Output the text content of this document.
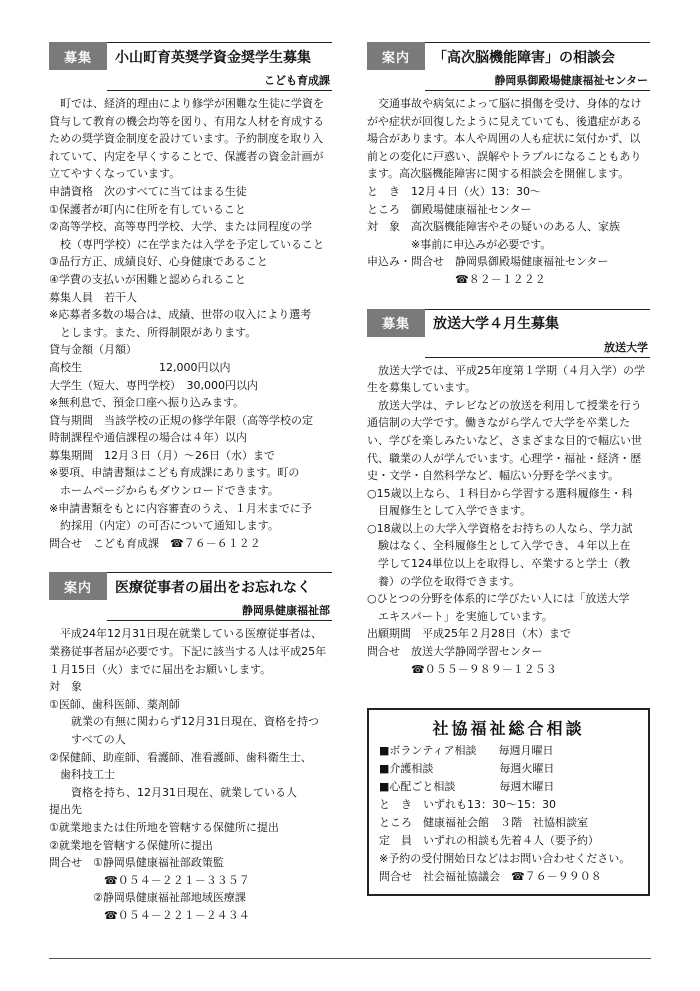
募集	小山町育英奨学資金奨学生募集
こども育成課

町では、経済的理由により修学が困難な生徒に学資を貸与して教育の機会均等を図り、有用な人材を育成するための奨学資金制度を設けています。予約制度を取り入れていて、内定を早くすることで、保護者の資金計画が立てやすくなっています。

申請資格　次のすべてに当てはまる生徒

①保護者が町内に住所を有していること

②高等学校、高等専門学校、大学、または同程度の学

　校（専門学校）に在学または入学を予定していること

③品行方正、成績良好、心身健康であること

④学費の支払いが困難と認められること

募集人員　若干人

※応募者多数の場合は、成績、世帯の収入により選考

　とします。また、所得制限があります。

貸与金額（月額）

高校生　　　　　　　12,000円以内

大学生（短大、専門学校）　30,000円以内

※無利息で、預金口座へ振り込みます。

貸与期間　当該学校の正規の修学年限（高等学校の定

時制課程や通信課程の場合は４年）以内

募集期間　12月３日（月）～26日（水）まで

※要項、申請書類はこども育成課にあります。町の

　ホームページからもダウンロードできます。

※申請書類をもとに内容審査のうえ、１月末までに予

　約採用（内定）の可否について通知します。

問合せ　こども育成課　☎７６－６１２２

案内	医療従事者の届出をお忘れなく
静岡県健康福祉部

平成24年12月31日現在就業している医療従事者は、業務従事者届が必要です。下記に該当する人は平成25年１月15日（火）までに届出をお願いします。

対　象

①医師、歯科医師、薬剤師

　　就業の有無に関わらず12月31日現在、資格を持つ

　　すべての人

②保健師、助産師、看護師、准看護師、歯科衛生士、

　歯科技工士

　　資格を持ち、12月31日現在、就業している人

提出先

①就業地または住所地を管轄する保健所に提出

②就業地を管轄する保健所に提出

問合せ　①静岡県健康福祉部政策監

　　　　　☎０５４－２２１－３３５７

　　　　②静岡県健康福祉部地域医療課

　　　　　☎０５４－２２１－２４３４

案内	「高次脳機能障害」の相談会
静岡県御殿場健康福祉センター

交通事故や病気によって脳に損傷を受け、身体的なけがや症状が回復したように見えていても、後遺症がある場合があります。本人や周囲の人も症状に気付かず、以前との変化に戸惑い、誤解やトラブルになることもあります。高次脳機能障害に関する相談会を開催します。

と　き　12月４日（火）13：30～

ところ　御殿場健康福祉センター

対　象　高次脳機能障害やその疑いのある人、家族

　　　　※事前に申込みが必要です。

申込み・問合せ　静岡県御殿場健康福祉センター

　　　　　　　　☎８２－１２２２

募集	放送大学４月生募集
放送大学

放送大学では、平成25年度第１学期（４月入学）の学生を募集しています。

放送大学は、テレビなどの放送を利用して授業を行う通信制の大学です。働きながら学んで大学を卒業したい、学びを楽しみたいなど、さまざまな目的で幅広い世代、職業の人が学んでいます。心理学・福祉・経済・歴史・文学・自然科学など、幅広い分野を学べます。

○15歳以上なら、１科目から学習する選科履修生・科

　目履修生として入学できます。

○18歳以上の大学入学資格をお持ちの人なら、学力試

　験はなく、全科履修生として入学でき、４年以上在

　学して124単位以上を取得し、卒業すると学士（教

　養）の学位を取得できます。

○ひとつの分野を体系的に学びたい人には「放送大学

　エキスパート」を実施しています。

出願期間　平成25年２月28日（木）まで

問合せ　放送大学静岡学習センター

　　　　☎０５５－９８９－１２５３

社協福祉総合相談

■ボランティア相談　　毎週月曜日

■介護相談　　　　　　毎週火曜日

■心配ごと相談　　　　毎週木曜日

と　き　いずれも13：30～15：30

ところ　健康福祉会館　３階　社協相談室

定　員　いずれの相談も先着４人（要予約）

※予約の受付開始日などはお問い合わせください。

問合せ　社会福祉協議会　☎７６－９９０８
